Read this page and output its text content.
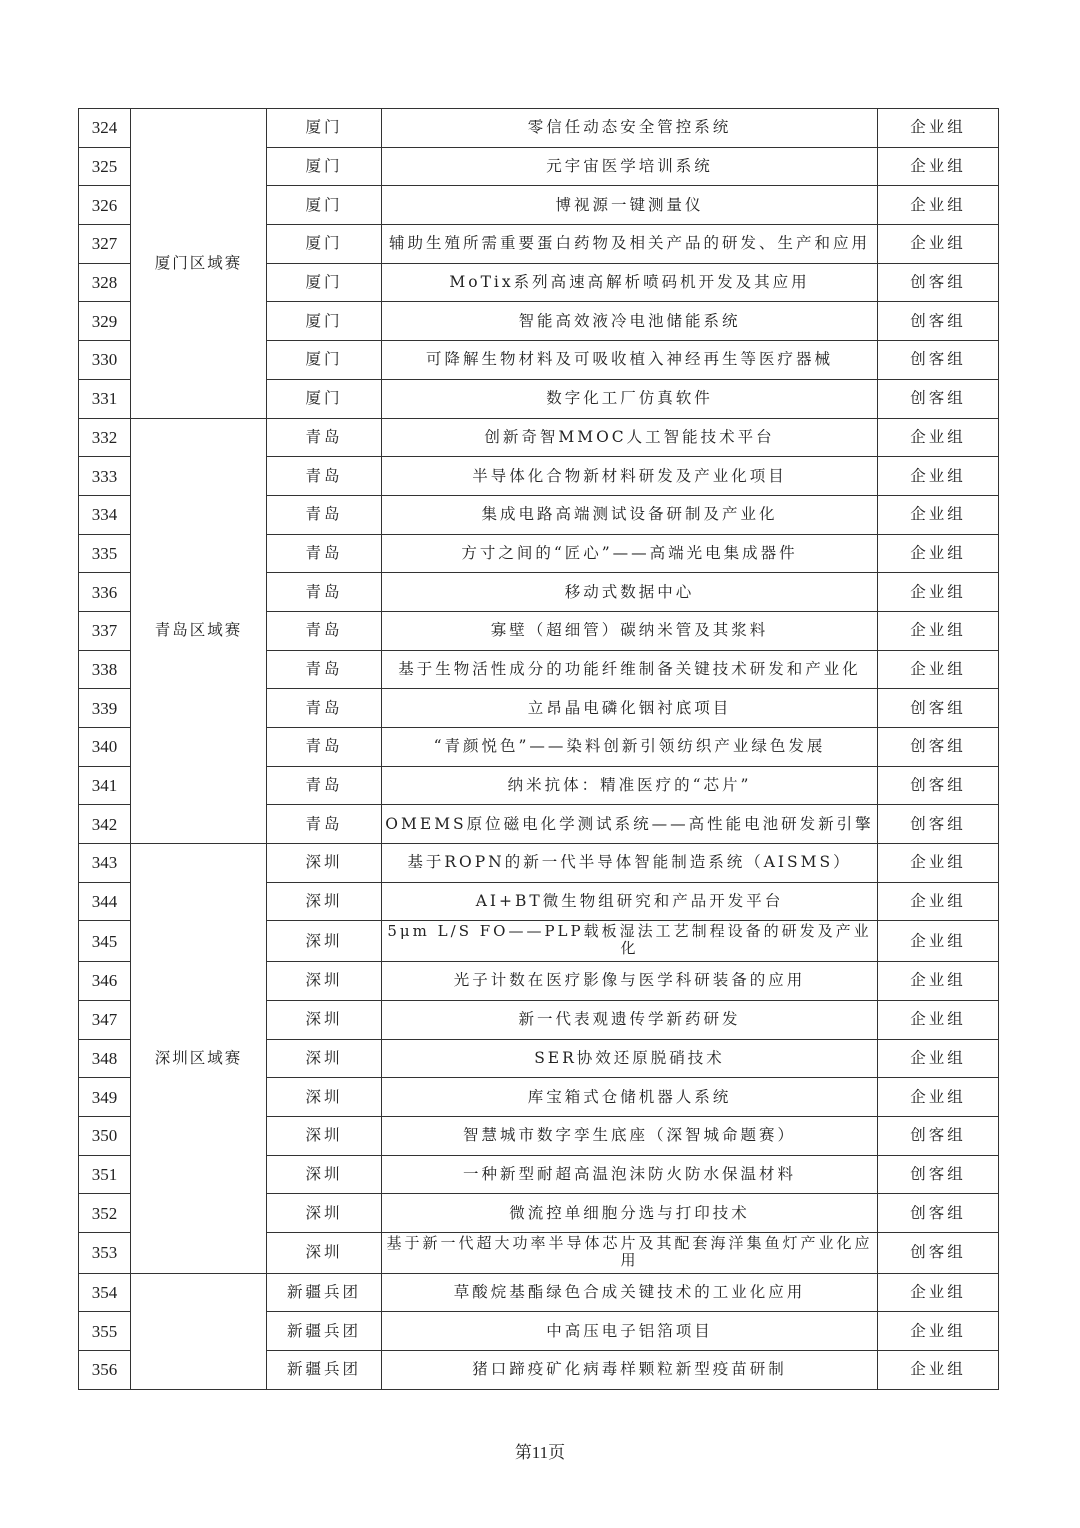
324	厦门区域赛	厦门	零信任动态安全管控系统	企业组
325		厦门	元宇宙医学培训系统	企业组
326		厦门	博视源一键测量仪	企业组
327		厦门	辅助生殖所需重要蛋白药物及相关产品的研发、生产和应用	企业组
328		厦门	MoTix系列高速高解析喷码机开发及其应用	创客组
329		厦门	智能高效液冷电池储能系统	创客组
330		厦门	可降解生物材料及可吸收植入神经再生等医疗器械	创客组
331		厦门	数字化工厂仿真软件	创客组
332	青岛区域赛	青岛	创新奇智MMOC人工智能技术平台	企业组
333		青岛	半导体化合物新材料研发及产业化项目	企业组
334		青岛	集成电路高端测试设备研制及产业化	企业组
335		青岛	方寸之间的“匠心”——高端光电集成器件	企业组
336		青岛	移动式数据中心	企业组
337		青岛	寡壁（超细管）碳纳米管及其浆料	企业组
338		青岛	基于生物活性成分的功能纤维制备关键技术研发和产业化	企业组
339		青岛	立昂晶电磷化铟衬底项目	创客组
340		青岛	“青颜悦色”——染料创新引领纺织产业绿色发展	创客组
341		青岛	纳米抗体：精准医疗的“芯片”	创客组
342		青岛	OMEMS原位磁电化学测试系统——高性能电池研发新引擎	创客组
343	深圳区域赛	深圳	基于ROPN的新一代半导体智能制造系统（AISMS）	企业组
344		深圳	AI+BT微生物组研究和产品开发平台	企业组
345		深圳	5μm L/S FO——PLP载板湿法工艺制程设备的研发及产业化	企业组
346		深圳	光子计数在医疗影像与医学科研装备的应用	企业组
347		深圳	新一代表观遗传学新药研发	企业组
348		深圳	SER协效还原脱硝技术	企业组
349		深圳	库宝箱式仓储机器人系统	企业组
350		深圳	智慧城市数字孪生底座（深智城命题赛）	创客组
351		深圳	一种新型耐超高温泡沫防火防水保温材料	创客组
352		深圳	微流控单细胞分选与打印技术	创客组
353		深圳	基于新一代超大功率半导体芯片及其配套海洋集鱼灯产业化应用	创客组
354		新疆兵团	草酸烷基酯绿色合成关键技术的工业化应用	企业组
355		新疆兵团	中高压电子铝箔项目	企业组
356		新疆兵团	猪口蹄疫矿化病毒样颗粒新型疫苗研制	企业组
第11页
